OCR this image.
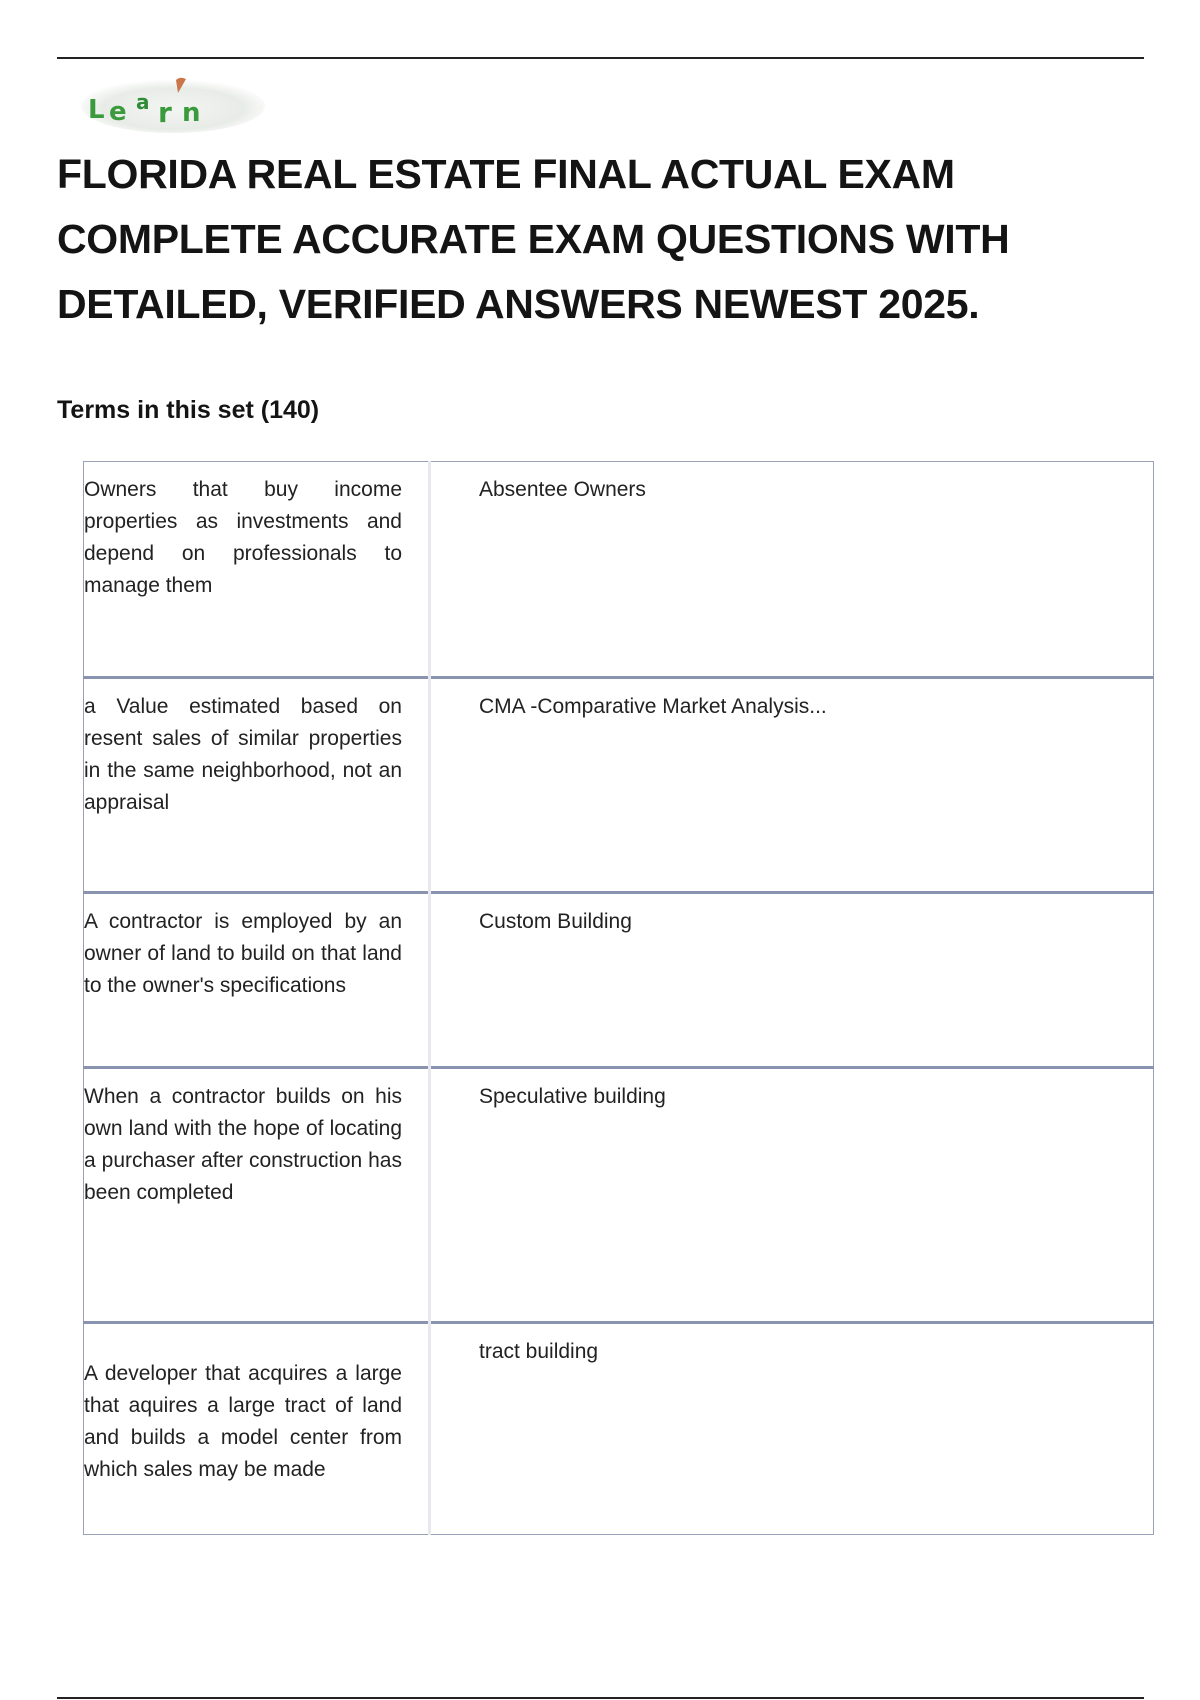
L e a r n
FLORIDA REAL ESTATE FINAL ACTUAL EXAM COMPLETE ACCURATE EXAM QUESTIONS WITH DETAILED, VERIFIED ANSWERS NEWEST 2025.
Terms in this set (140)
Owners that buy income properties as investments and depend on professionals to manage them	Absentee Owners
a Value estimated based on resent sales of similar properties in the same neighborhood, not an appraisal	CMA -Comparative Market Analysis...
A contractor is employed by an owner of land to build on that land to the owner's specifications	Custom Building
When a contractor builds on his own land with the hope of locating a purchaser after construction has been completed	Speculative building
A developer that acquires a large that aquires a large tract of land and builds a model center from which sales may be made	tract building
